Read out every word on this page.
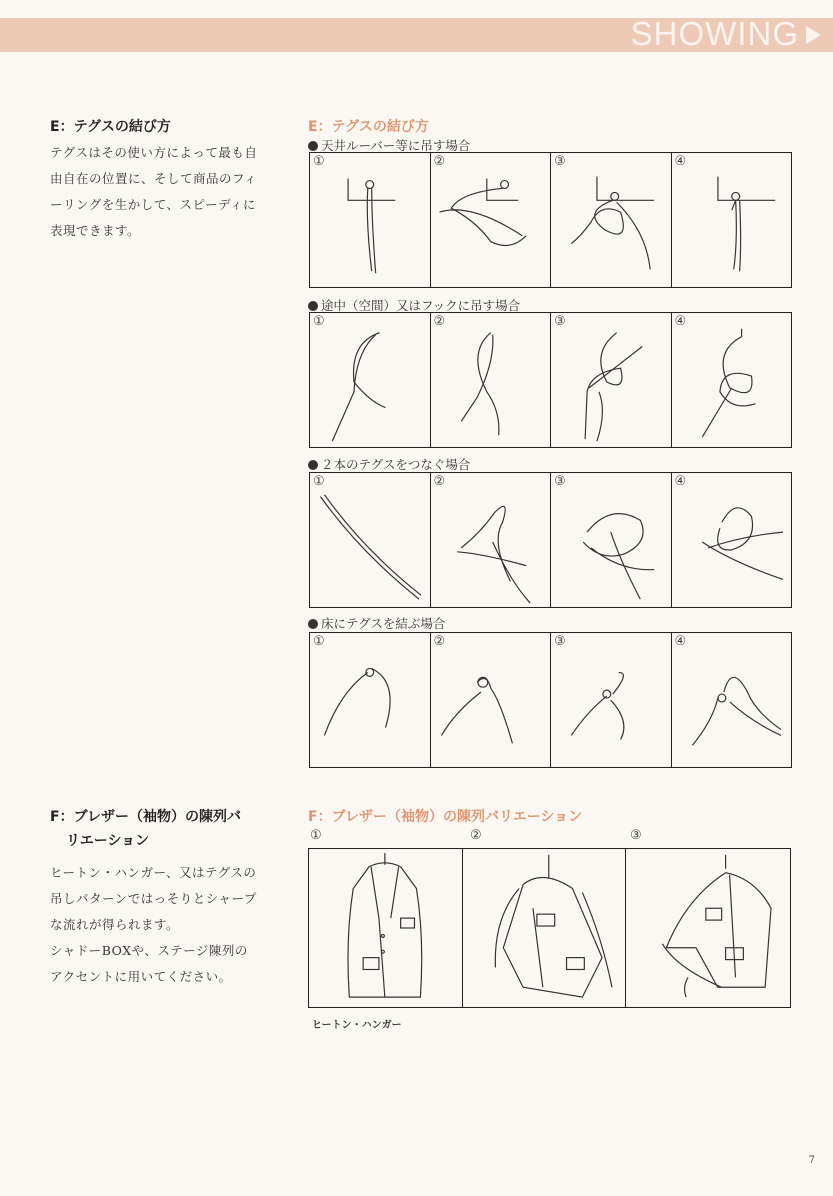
SHOWING

E：テグスの結び方

テグスはその使い方によって最も自
由自在の位置に、そして商品のフィ
ーリングを生かして、スピーディに
表現できます。
F：ブレザー（袖物）の陳列バ
リエーション
ヒートン・ハンガー、又はテグスの
吊しパターンではっそりとシャープ
な流れが得られます。
シャドーBOXや、ステージ陳列の
アクセントに用いてください。
E：テグスの結び方
天井ルーバー等に吊す場合
①	②	③	④
途中（空間）又はフックに吊す場合
①	②	③	④
２本のテグスをつなぐ場合
①	②	③	④
床にテグスを結ぶ場合
①	②	③	④
F：ブレザー（袖物）の陳列バリエーション
①	②	③
ヒートン・ハンガー
7
